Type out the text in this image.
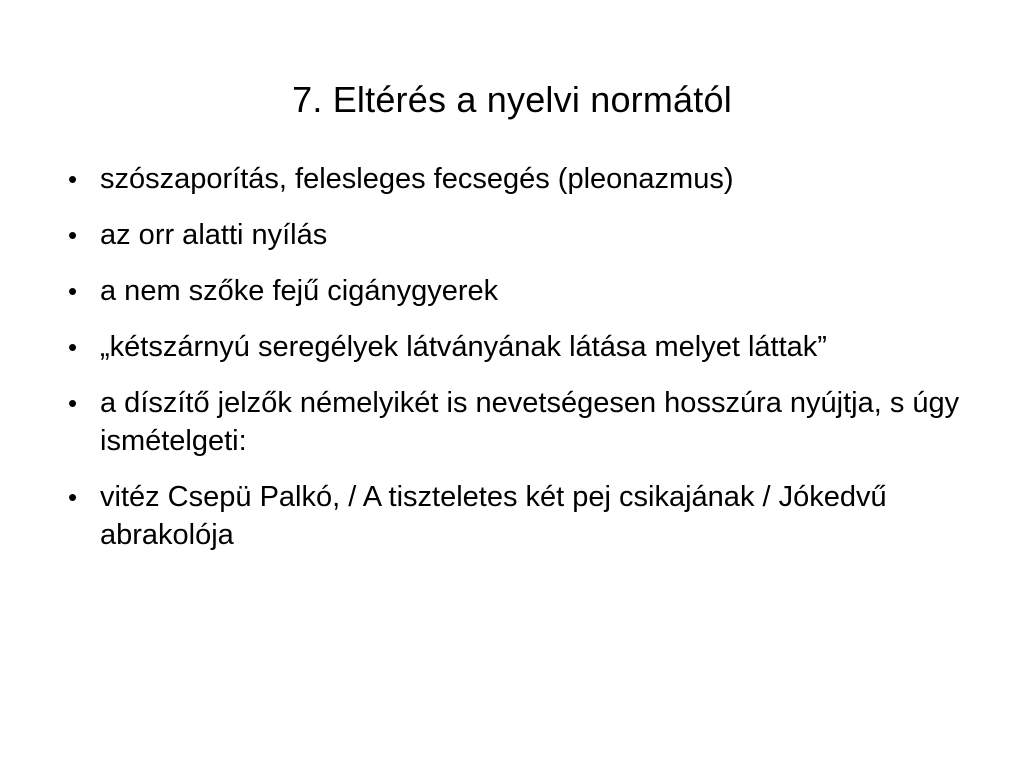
7. Eltérés a nyelvi normától
• szószaporítás, felesleges fecsegés (pleonazmus)
• az orr alatti nyílás
• a nem szőke fejű cigánygyerek
• „kétszárnyú seregélyek látványának látása melyet láttak”
• a díszítő jelzők némelyikét is nevetségesen hosszúra nyújtja, s úgy ismételgeti:
• vitéz Csepü Palkó, / A tiszteletes két pej csikajának / Jókedvű abrakolója
